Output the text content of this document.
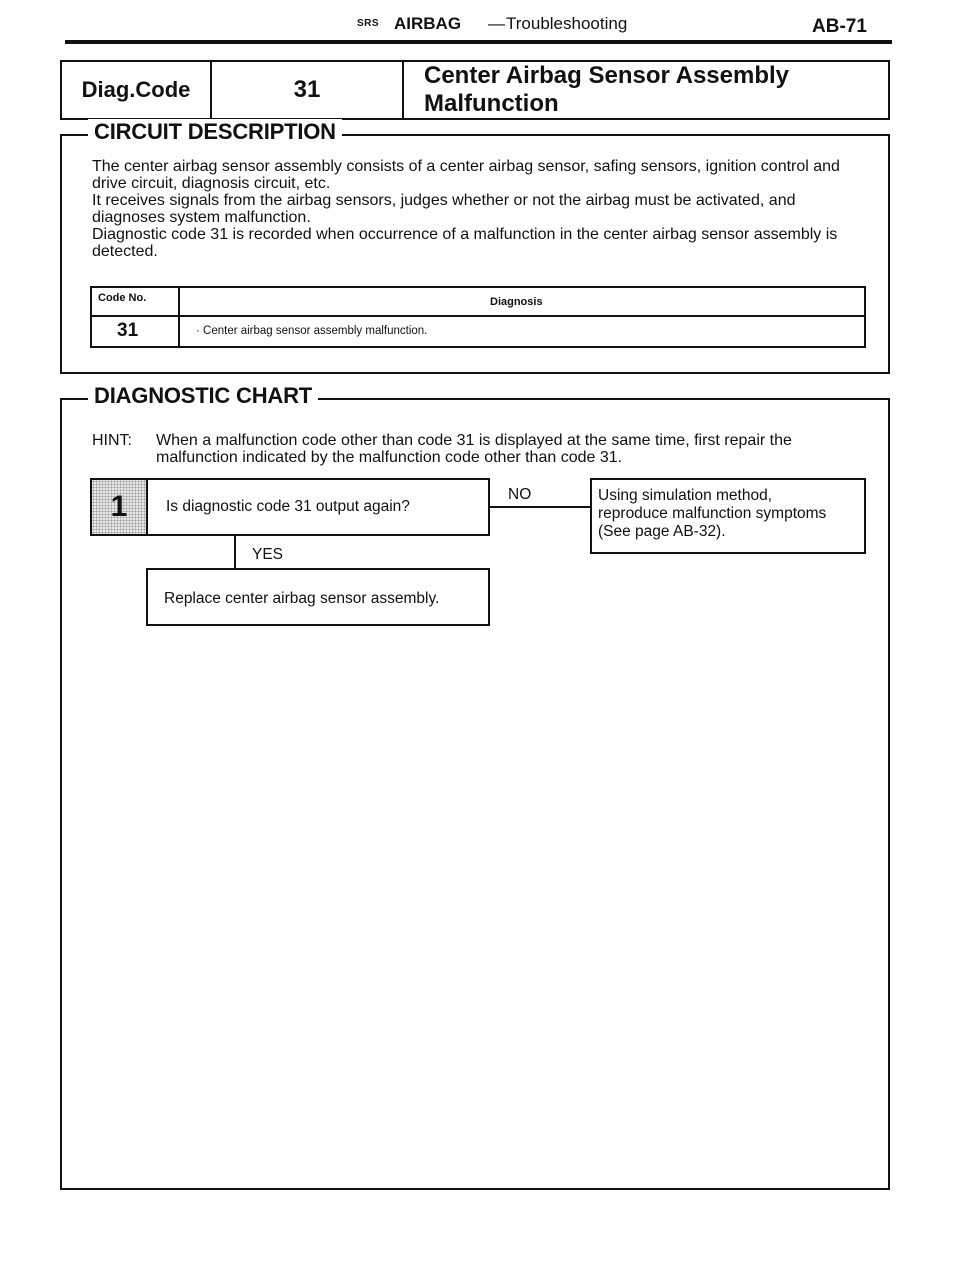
SRS AIRBAG — Troubleshooting	AB-71
Diag.Code	31
Center Airbag Sensor Assembly Malfunction
CIRCUIT DESCRIPTION
The center airbag sensor assembly consists of a center airbag sensor, safing sensors, ignition control and
drive circuit, diagnosis circuit, etc.
It receives signals from the airbag sensors, judges whether or not the airbag must be activated, and
diagnoses system malfunction.
Diagnostic code 31 is recorded when occurrence of a malfunction in the center airbag sensor assembly is
detected.
Code No.	Diagnosis
31	· Center airbag sensor assembly malfunction.
DIAGNOSTIC CHART
HINT: When a malfunction code other than code 31 is displayed at the same time, first repair the
malfunction indicated by the malfunction code other than code 31.
1	Is diagnostic code 31 output again?
NO	Using simulation method,
reproduce malfunction symptoms
(See page AB-32).
YES
Replace center airbag sensor assembly.
